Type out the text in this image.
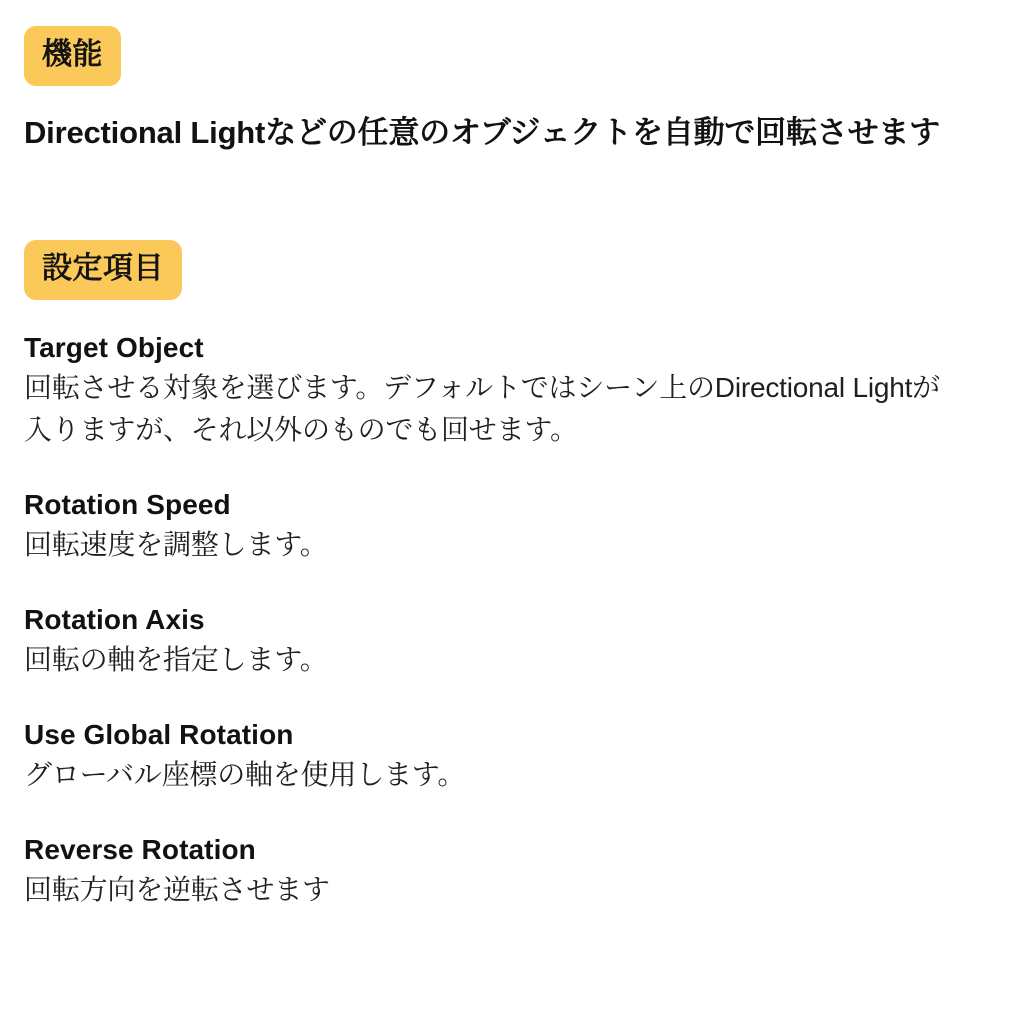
機能

Directional Lightなどの任意のオブジェクトを自動で回転させます

設定項目
Target Object
回転させる対象を選びます。デフォルトではシーン上のDirectional Lightが入りますが、それ以外のものでも回せます。
Rotation Speed
回転速度を調整します。
Rotation Axis
回転の軸を指定します。
Use Global Rotation
グローバル座標の軸を使用します。
Reverse Rotation
回転方向を逆転させます
